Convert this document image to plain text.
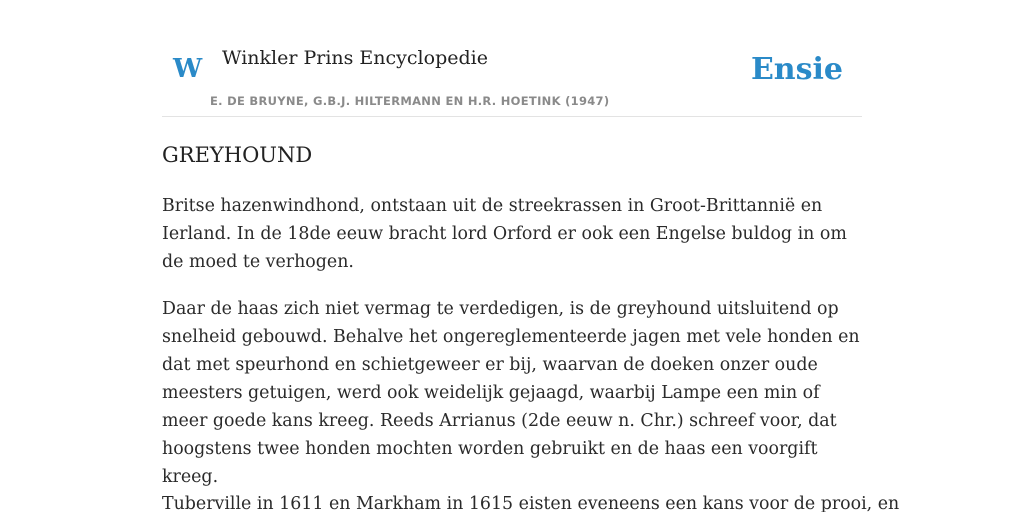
W Winkler Prins Encyclopedie
E. DE BRUYNE, G.B.J. HILTERMANN EN H.R. HOETINK (1947)
Ensie
GREYHOUND

Britse hazenwindhond, ontstaan uit de streekrassen in Groot-Brittannië en Ierland. In de 18de eeuw bracht lord Orford er ook een Engelse buldog in om de moed te verhogen.

Daar de haas zich niet vermag te verdedigen, is de greyhound uitsluitend op snelheid gebouwd. Behalve het ongereglementeerde jagen met vele honden en dat met speurhond en schietgeweer er bij, waarvan de doeken onzer oude meesters getuigen, werd ook weidelijk gejaagd, waarbij Lampe een min of meer goede kans kreeg. Reeds Arrianus (2de eeuw n. Chr.) schreef voor, dat hoogstens twee honden mochten worden gebruikt en de haas een voorgift kreeg.

Tuberville in 1611 en Markham in 1615 eisten eveneens een kans voor de prooi, en
